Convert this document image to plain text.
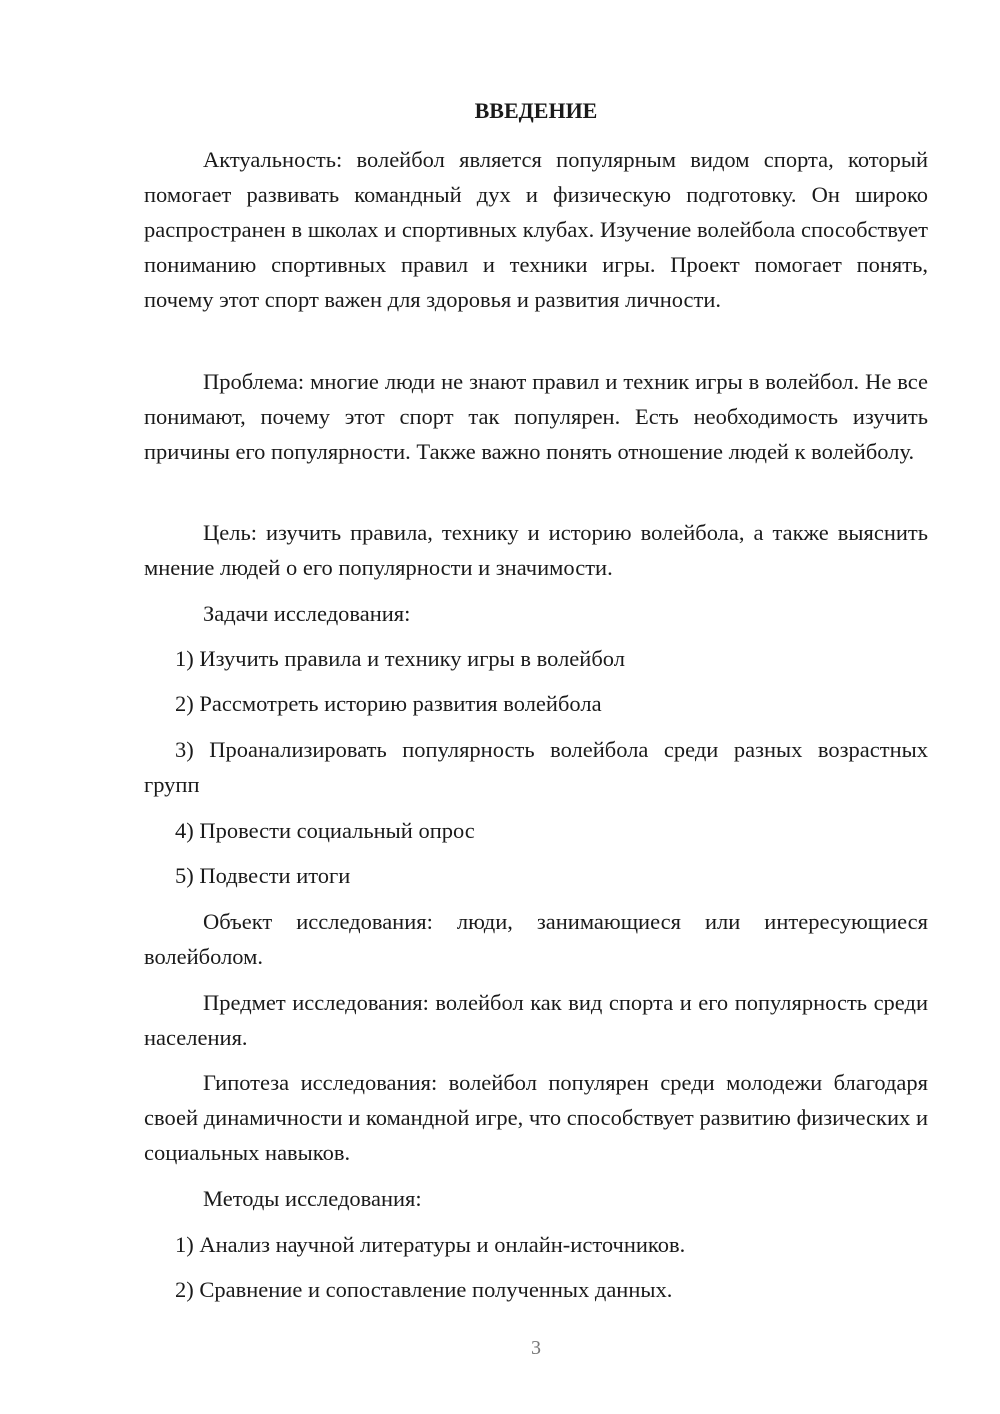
ВВЕДЕНИЕ

Актуальность: волейбол является популярным видом спорта, который помогает развивать командный дух и физическую подготовку. Он широко распространен в школах и спортивных клубах. Изучение волейбола способствует пониманию спортивных правил и техники игры. Проект помогает понять, почему этот спорт важен для здоровья и развития личности.

Проблема: многие люди не знают правил и техник игры в волейбол. Не все понимают, почему этот спорт так популярен. Есть необходимость изучить причины его популярности. Также важно понять отношение людей к волейболу.

Цель: изучить правила, технику и историю волейбола, а также выяснить мнение людей о его популярности и значимости.

Задачи исследования:

1) Изучить правила и технику игры в волейбол

2) Рассмотреть историю развития волейбола

3) Проанализировать популярность волейбола среди разных возрастных групп

4) Провести социальный опрос

5) Подвести итоги

Объект исследования: люди, занимающиеся или интересующиеся волейболом.

Предмет исследования: волейбол как вид спорта и его популярность среди населения.

Гипотеза исследования: волейбол популярен среди молодежи благодаря своей динамичности и командной игре, что способствует развитию физических и социальных навыков.

Методы исследования:

1) Анализ научной литературы и онлайн-источников.

2) Сравнение и сопоставление полученных данных.

3
